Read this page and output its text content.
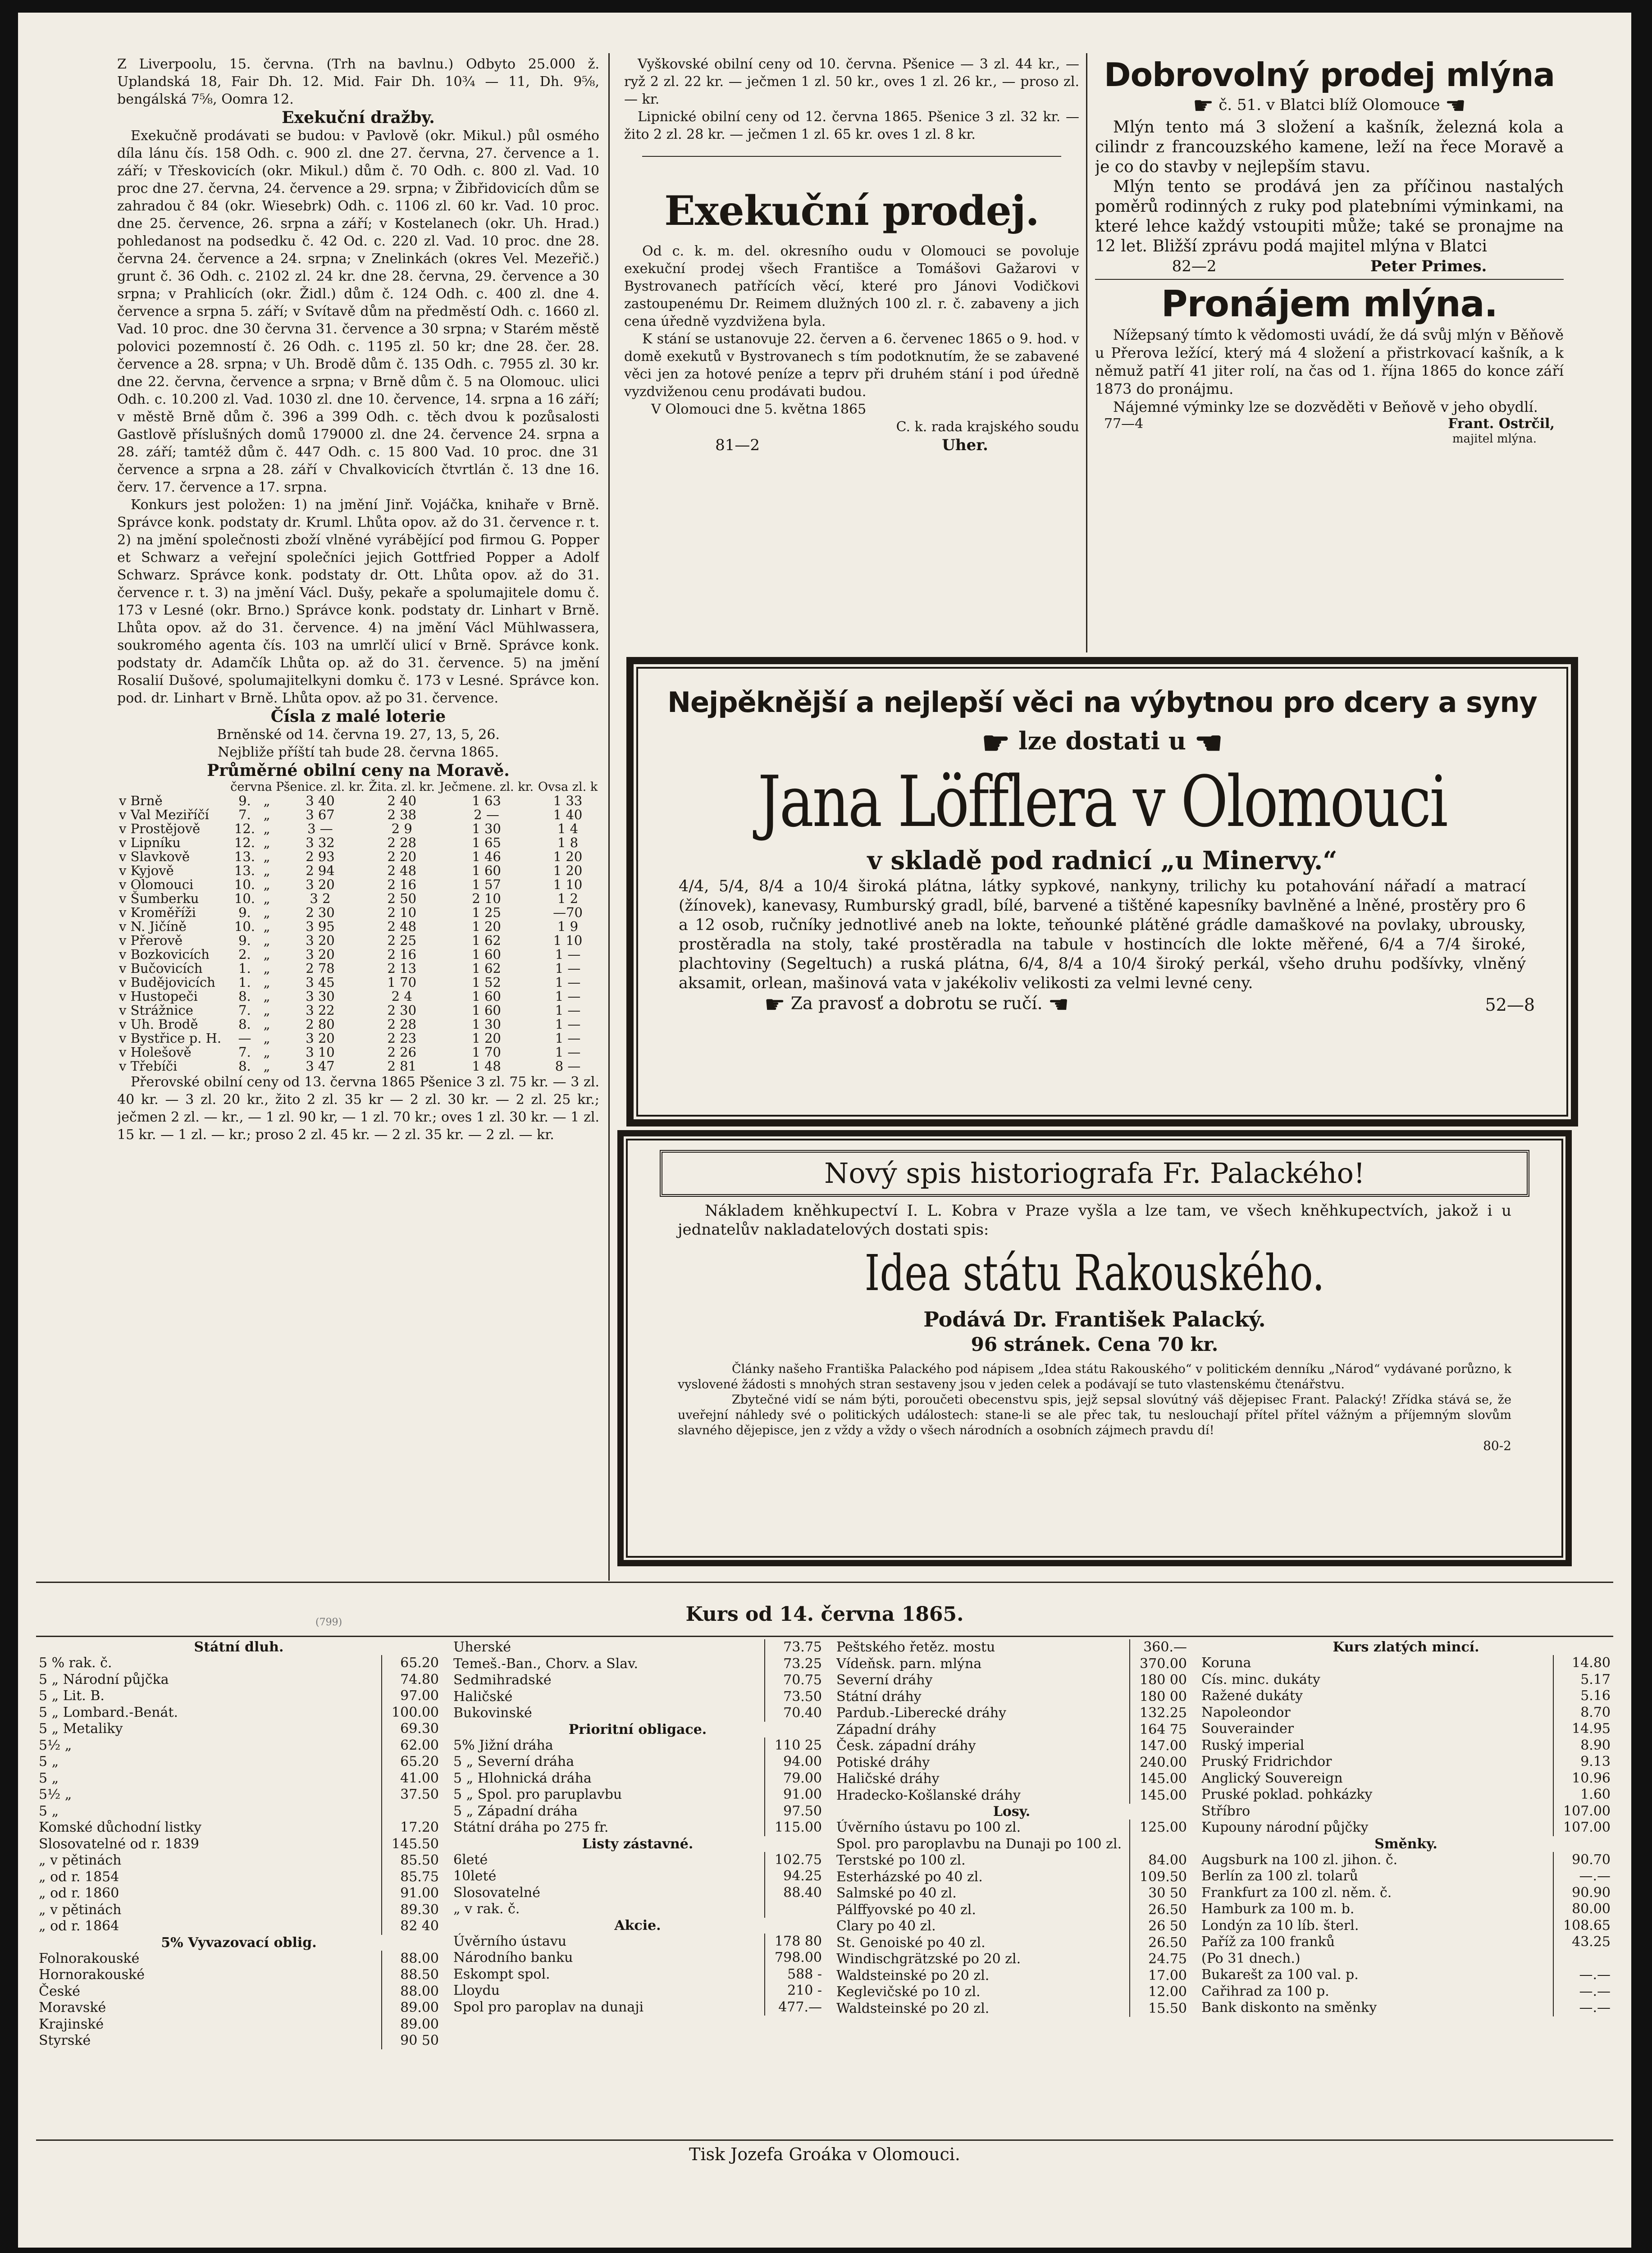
Z Liverpoolu, 15. června. (Trh na bavlnu.) Odbyto 25.000 ž. Uplandská 18, Fair Dh. 12. Mid. Fair Dh. 10¾ — 11, Dh. 9⅝, bengálská 7⅝, Oomra 12.

Exekuční dražby.

Exekučně prodávati se budou: v Pavlově (okr. Mikul.) půl osmého díla lánu čís. 158 Odh. c. 900 zl. dne 27. června, 27. července a 1. září; v Třeskovicích (okr. Mikul.) dům č. 70 Odh. c. 800 zl. Vad. 10 proc dne 27. června, 24. července a 29. srpna; v Žibřidovicích dům se zahradou č 84 (okr. Wiesebrk) Odh. c. 1106 zl. 60 kr. Vad. 10 proc. dne 25. července, 26. srpna a září; v Kostelanech (okr. Uh. Hrad.) pohledanost na podsedku č. 42 Od. c. 220 zl. Vad. 10 proc. dne 28. června 24. července a 24. srpna; v Znelinkách (okres Vel. Mezeřič.) grunt č. 36 Odh. c. 2102 zl. 24 kr. dne 28. června, 29. července a 30 srpna; v Prahlicích (okr. Židl.) dům č. 124 Odh. c. 400 zl. dne 4. července a srpna 5. září; v Svítavě dům na předměstí Odh. c. 1660 zl. Vad. 10 proc. dne 30 června 31. července a 30 srpna; v Starém městě polovici pozemností č. 26 Odh. c. 1195 zl. 50 kr; dne 28. čer. 28. července a 28. srpna; v Uh. Brodě dům č. 135 Odh. c. 7955 zl. 30 kr. dne 22. června, července a srpna; v Brně dům č. 5 na Olomouc. ulici Odh. c. 10.200 zl. Vad. 1030 zl. dne 10. července, 14. srpna a 16 září; v městě Brně dům č. 396 a 399 Odh. c. těch dvou k pozůsalosti Gastlově příslušných domů 179000 zl. dne 24. července 24. srpna a 28. září; tamtéž dům č. 447 Odh. c. 15 800 Vad. 10 proc. dne 31 července a srpna a 28. září v Chvalkovicích čtvrtlán č. 13 dne 16. červ. 17. července a 17. srpna.

Konkurs jest položen: 1) na jmění Jinř. Vojáčka, knihaře v Brně. Správce konk. podstaty dr. Kruml. Lhůta opov. až do 31. července r. t. 2) na jmění společnosti zboží vlněné vyrábějící pod firmou G. Popper et Schwarz a veřejní společníci jejich Gottfried Popper a Adolf Schwarz. Správce konk. podstaty dr. Ott. Lhůta opov. až do 31. července r. t. 3) na jmění Václ. Dušy, pekaře a spolumajitele domu č. 173 v Lesné (okr. Brno.) Správce konk. podstaty dr. Linhart v Brně. Lhůta opov. až do 31. července. 4) na jmění Václ Mühlwassera, soukromého agenta čís. 103 na umrlčí ulicí v Brně. Správce konk. podstaty dr. Adamčík Lhůta op. až do 31. července. 5) na jmění Rosalií Dušové, spolumajitelkyni domku č. 173 v Lesné. Správce kon. pod. dr. Linhart v Brně. Lhůta opov. až po 31. července.

Čísla z malé loterie

Brněnské od 14. června 19. 27, 13, 5, 26.

Nejbliže příští tah bude 28. června 1865.

Průměrné obilní ceny na Moravě.

	června		Pšenice. zl. kr.	Žita. zl. kr.	Ječmene. zl. kr.	Ovsa zl. k
v Brně	9.	„	3 40	2 40	1 63	1 33
v Val Meziříčí	7.	„	3 67	2 38	2 —	1 40
v Prostějově	12.	„	3 —	2 9	1 30	1 4
v Lipníku	12.	„	3 32	2 28	1 65	1 8
v Slavkově	13.	„	2 93	2 20	1 46	1 20
v Kyjově	13.	„	2 94	2 48	1 60	1 20
v Olomouci	10.	„	3 20	2 16	1 57	1 10
v Šumberku	10.	„	3 2	2 50	2 10	1 2
v Kroměříži	9.	„	2 30	2 10	1 25	—70
v N. Jičíně	10.	„	3 95	2 48	1 20	1 9
v Přerově	9.	„	3 20	2 25	1 62	1 10
v Bozkovicích	2.	„	3 20	2 16	1 60	1 —
v Bučovicích	1.	„	2 78	2 13	1 62	1 —
v Budějovicích	1.	„	3 45	1 70	1 52	1 —
v Hustopeči	8.	„	3 30	2 4	1 60	1 —
v Strážnice	7.	„	3 22	2 30	1 60	1 —
v Uh. Brodě	8.	„	2 80	2 28	1 30	1 —
v Bystřice p. H.	—	„	3 20	2 23	1 20	1 —
v Holešově	7.	„	3 10	2 26	1 70	1 —
v Třebíči	8.	„	3 47	2 81	1 48	8 —

Přerovské obilní ceny od 13. června 1865 Pšenice 3 zl. 75 kr. — 3 zl. 40 kr. — 3 zl. 20 kr., žito 2 zl. 35 kr — 2 zl. 30 kr. — 2 zl. 25 kr.; ječmen 2 zl. — kr., — 1 zl. 90 kr, — 1 zl. 70 kr.; oves 1 zl. 30 kr. — 1 zl. 15 kr. — 1 zl. — kr.; proso 2 zl. 45 kr. — 2 zl. 35 kr. — 2 zl. — kr.

Vyškovské obilní ceny od 10. června. Pšenice — 3 zl. 44 kr., — ryž 2 zl. 22 kr. — ječmen 1 zl. 50 kr., oves 1 zl. 26 kr., — proso zl. — kr.

Lipnické obilní ceny od 12. června 1865. Pšenice 3 zl. 32 kr. — žito 2 zl. 28 kr. — ječmen 1 zl. 65 kr. oves 1 zl. 8 kr.

Exekuční prodej.

Od c. k. m. del. okresního oudu v Olomouci se povoluje exekuční prodej všech Františce a Tomášovi Gažarovi v Bystrovanech patřících věcí, které pro Jánovi Vodičkovi zastoupenému Dr. Reimem dlužných 100 zl. r. č. zabaveny a jich cena úředně vyzdvižena byla.

K stání se ustanovuje 22. červen a 6. červenec 1865 o 9. hod. v domě exekutů v Bystrovanech s tím podotknutím, že se zabavené věci jen za hotové peníze a teprv při druhém stání i pod úředně vyzdviženou cenu prodávati budou.

V Olomouci dne 5. května 1865

C. k. rada krajského soudu

81—2	Uher.

Dobrovolný prodej mlýna

☛ č. 51. v Blatci blíž Olomouce ☚

Mlýn tento má 3 složení a kašník, železná kola a cilindr z francouzského kamene, leží na řece Moravě a je co do stavby v nejlepším stavu.

Mlýn tento se prodává jen za příčinou nastalých poměrů rodinných z ruky pod platebními výminkami, na které lehce každý vstoupiti může; také se pronajme na 12 let. Bližší zprávu podá majitel mlýna v Blatci

82—2	Peter Primes.

Pronájem mlýna.

Nížepsaný tímto k vědomosti uvádí, že dá svůj mlýn v Běňově u Přerova ležící, který má 4 složení a přistrkovací kašník, a k němuž patří 41 jiter rolí, na čas od 1. října 1865 do konce září 1873 do pronájmu.

Nájemné výminky lze se dozvěděti v Beňově v jeho obydlí.

77—4	Frant. Ostrčil,
majitel mlýna.

Nejpěknější a nejlepší věci na výbytnou pro dcery a syny

☛ lze dostati u ☚

Jana Löfflera v Olomouci

v skladě pod radnicí „u Minervy.“

4/4, 5/4, 8/4 a 10/4 široká plátna, látky sypkové, nankyny, trilichy ku potahování nářadí a matrací (žínovek), kanevasy, Rumburský gradl, bílé, barvené a tištěné kapesníky bavlněné a lněné, prostěry pro 6 a 12 osob, ručníky jednotlivé aneb na lokte, teňounké plátěné grádle damaškové na povlaky, ubrousky, prostěradla na stoly, také prostěradla na tabule v hostincích dle lokte měřené, 6/4 a 7/4 široké, plachtoviny (Segeltuch) a ruská plátna, 6/4, 8/4 a 10/4 široký perkál, všeho druhu podšívky, vlněný aksamit, orlean, mašinová vata v jakékoliv velikosti za velmi levné ceny.

☛ Za pravosť a dobrotu se ručí. ☚	52—8

Nový spis historiografa Fr. Palackého!

Nákladem kněhkupectví I. L. Kobra v Praze vyšla a lze tam, ve všech kněhkupectvích, jakož i u jednatelův nakladatelových dostati spis:

Idea státu Rakouského.

Podává Dr. František Palacký.

96 stránek. Cena 70 kr.

Články našeho Františka Palackého pod nápisem „Idea státu Rakouského“ v politickém denníku „Národ“ vydávané porůzno, k vyslovené žádosti s mnohých stran sestaveny jsou v jeden celek a podávají se tuto vlastenskému čtenářstvu.

Zbytečné vidí se nám býti, poroučeti obecenstvu spis, jejž sepsal slovútný váš dějepisec Frant. Palacký! Zřídka stává se, že uveřejní náhledy své o politických událostech: stane-li se ale přec tak, tu neslouchají přítel přítel vážným a příjemným slovům slavného dějepisce, jen z vždy a vždy o všech národních a osobních zájmech pravdu dí!

80-2
Kurs od 14. června 1865.
(799)
Státní dluh.
5 % rak. č.	65.20
5 „ Národní půjčka	74.80
5 „ Lit. B.	97.00
5 „ Lombard.-Benát.	100.00
5 „ Metaliky	69.30
5½ „	62.00
5 „	65.20
5 „	41.00
5½ „	37.50
5 „	
Komské důchodní listky	17.20
Slosovatelné od r. 1839	145.50
„ v pětinách	85.50
„ od r. 1854	85.75
„ od r. 1860	91.00
„ v pětinách	89.30
„ od r. 1864	82 40
5% Vyvazovací oblig.
Folnorakouské	88.00
Hornorakouské	88.50
České	88.00
Moravské	89.00
Krajinské	89.00
Styrské	90 50
Uherské	73.75
Temeš.-Ban., Chorv. a Slav.	73.25
Sedmihradské	70.75
Haličské	73.50
Bukovinské	70.40
Prioritní obligace.
5% Jižní dráha	110 25
5 „ Severní dráha	94.00
5 „ Hlohnická dráha	79.00
5 „ Spol. pro paruplavbu	91.00
5 „ Západní dráha	97.50
Státní dráha po 275 fr.	115.00
Listy zástavné.
6leté	102.75
10leté	94.25
Slosovatelné	88.40
„ v rak. č.	
Akcie.
Úvěrního ústavu	178 80
Národního banku	798.00
Eskompt spol.	588 -
Lloydu	210 -
Spol pro paroplav na dunaji	477.—
Peštského řetěz. mostu	360.—
Vídeňsk. parn. mlýna	370.00
Severní dráhy	180 00
Státní dráhy	180 00
Pardub.-Liberecké dráhy	132.25
Západní dráhy	164 75
Česk. západní dráhy	147.00
Potiské dráhy	240.00
Haličské dráhy	145.00
Hradecko-Košlanské dráhy	145.00
Losy.
Úvěrního ústavu po 100 zl.	125.00
Spol. pro paroplavbu na Dunaji po 100 zl.	
Terstské po 100 zl.	84.00
Esterházské po 40 zl.	109.50
Salmské po 40 zl.	30 50
Pálffyovské po 40 zl.	26.50
Clary po 40 zl.	26 50
St. Genoiské po 40 zl.	26.50
Windischgrätzské po 20 zl.	24.75
Waldsteinské po 20 zl.	17.00
Keglevičské po 10 zl.	12.00
Waldsteinské po 20 zl.	15.50
Kurs zlatých mincí.
Koruna	14.80
Cís. minc. dukáty	5.17
Ražené dukáty	5.16
Napoleondor	8.70
Souverainder	14.95
Ruský imperial	8.90
Pruský Fridrichdor	9.13
Anglický Souvereign	10.96
Pruské poklad. pohkázky	1.60
Stříbro	107.00
Kupouny národní půjčky	107.00
Směnky.
Augsburk na 100 zl. jihon. č.	90.70
Berlín za 100 zl. tolarů	—.—
Frankfurt za 100 zl. něm. č.	90.90
Hamburk za 100 m. b.	80.00
Londýn za 10 líb. šterl.	108.65
Paříž za 100 franků	43.25
(Po 31 dnech.)	
Bukarešt za 100 val. p.	—.—
Cařihrad za 100 p.	—.—
Bank diskonto na směnky	—.—
Tisk Jozefa Groáka v Olomouci.
